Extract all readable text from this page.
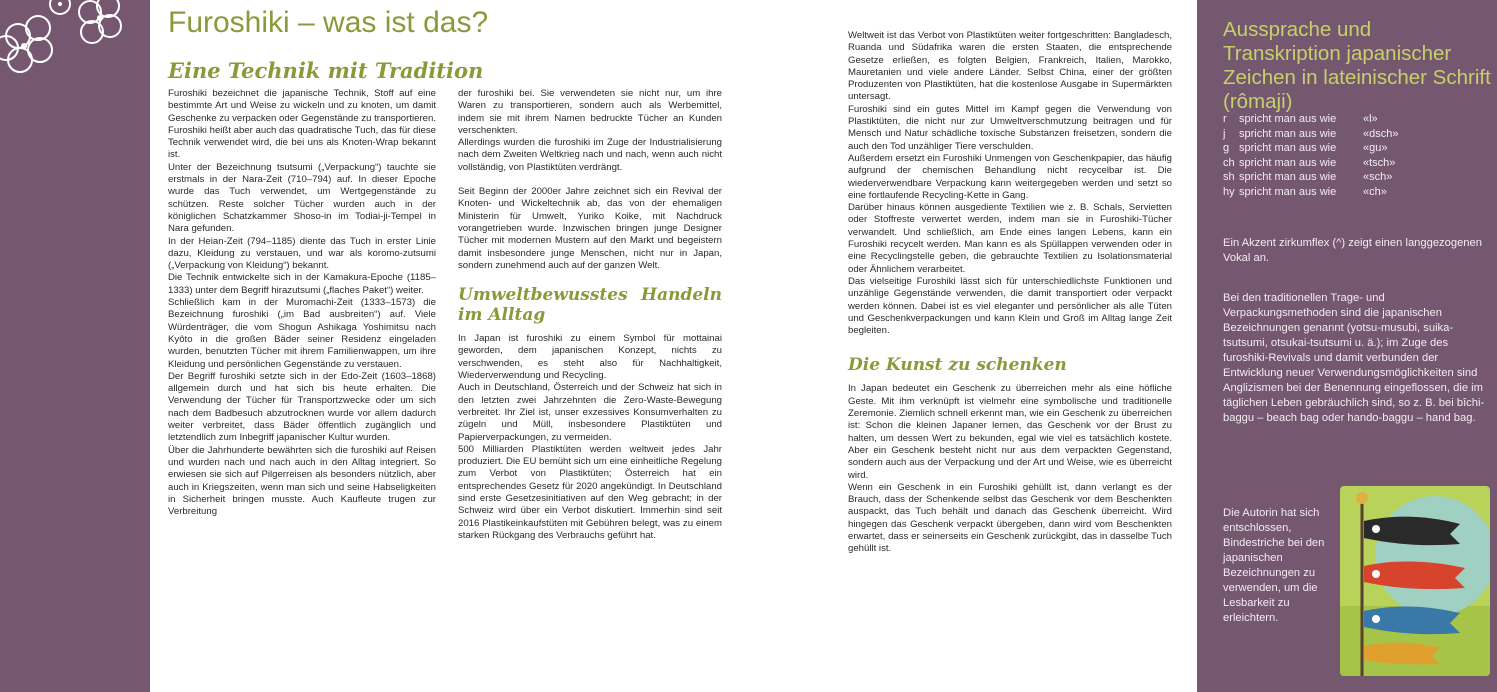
Furoshiki – was ist das?
Eine Technik mit Tradition

Furoshiki bezeichnet die japanische Technik, Stoff auf eine bestimmte Art und Weise zu wickeln und zu knoten, um damit Geschenke zu verpacken oder Gegenstände zu transportieren. Furoshiki heißt aber auch das quadratische Tuch, das für diese Technik verwendet wird, die bei uns als Knoten-Wrap bekannt ist.

Unter der Bezeichnung tsutsumi („Verpackung“) tauchte sie erstmals in der Nara-Zeit (710–794) auf. In dieser Epoche wurde das Tuch verwendet, um Wertgegenstände zu schützen. Reste solcher Tücher wurden auch in der königlichen Schatzkammer Shoso-in im Todiai-ji-Tempel in Nara gefunden.

In der Heian-Zeit (794–1185) diente das Tuch in erster Linie dazu, Kleidung zu verstauen, und war als koromo-zutsumi („Verpackung von Kleidung“) bekannt.

Die Technik entwickelte sich in der Kamakura-Epoche (1185–1333) unter dem Begriff hirazutsumi („flaches Paket“) weiter.

Schließlich kam in der Muromachi-Zeit (1333–1573) die Bezeichnung furoshiki („im Bad ausbreiten“) auf. Viele Würdenträger, die vom Shogun Ashikaga Yoshimitsu nach Kyôto in die großen Bäder seiner Residenz eingeladen wurden, benutzten Tücher mit ihrem Familienwappen, um ihre Kleidung und persönlichen Gegenstände zu verstauen.

Der Begriff furoshiki setzte sich in der Edo-Zeit (1603–1868) allgemein durch und hat sich bis heute erhalten. Die Verwendung der Tücher für Transportzwecke oder um sich nach dem Badbesuch abzutrocknen wurde vor allem dadurch weiter verbreitet, dass Bäder öffentlich zugänglich und letztendlich zum Inbegriff japanischer Kultur wurden.

Über die Jahrhunderte bewährten sich die furoshiki auf Reisen und wurden nach und nach auch in den Alltag integriert. So erwiesen sie sich auf Pilgerreisen als besonders nützlich, aber auch in Kriegszeiten, wenn man sich und seine Habseligkeiten in Sicherheit bringen musste. Auch Kaufleute trugen zur Verbreitung

der furoshiki bei. Sie verwendeten sie nicht nur, um ihre Waren zu transportieren, sondern auch als Werbemittel, indem sie mit ihrem Namen bedruckte Tücher an Kunden verschenkten.

Allerdings wurden die furoshiki im Zuge der Industrialisierung nach dem Zweiten Weltkrieg nach und nach, wenn auch nicht vollständig, von Plastiktüten verdrängt.

Seit Beginn der 2000er Jahre zeichnet sich ein Revival der Knoten- und Wickeltechnik ab, das von der ehemaligen Ministerin für Umwelt, Yuriko Koike, mit Nachdruck vorangetrieben wurde. Inzwischen bringen junge Designer Tücher mit modernen Mustern auf den Markt und begeistern damit insbesondere junge Menschen, nicht nur in Japan, sondern zunehmend auch auf der ganzen Welt.

Umweltbewusstes Handeln im Alltag

In Japan ist furoshiki zu einem Symbol für mottainai geworden, dem japanischen Konzept, nichts zu verschwenden, es steht also für Nachhaltigkeit, Wiederverwendung und Recycling.

Auch in Deutschland, Österreich und der Schweiz hat sich in den letzten zwei Jahrzehnten die Zero-Waste-Bewegung verbreitet. Ihr Ziel ist, unser exzessives Konsumverhalten zu zügeln und Müll, insbesondere Plastiktüten und Papierverpackungen, zu vermeiden.

500 Milliarden Plastiktüten werden weltweit jedes Jahr produziert. Die EU bemüht sich um eine einheitliche Regelung zum Verbot von Plastiktüten; Österreich hat ein entsprechendes Gesetz für 2020 angekündigt. In Deutschland sind erste Gesetzesinitiativen auf den Weg gebracht; in der Schweiz wird über ein Verbot diskutiert. Immerhin sind seit 2016 Plastikeinkaufstüten mit Gebühren belegt, was zu einem starken Rückgang des Verbrauchs geführt hat.

Weltweit ist das Verbot von Plastiktüten weiter fortgeschritten: Bangladesch, Ruanda und Südafrika waren die ersten Staaten, die entsprechende Gesetze erließen, es folgten Belgien, Frankreich, Italien, Marokko, Mauretanien und viele andere Länder. Selbst China, einer der größten Produzenten von Plastiktüten, hat die kostenlose Ausgabe in Supermärkten untersagt.

Furoshiki sind ein gutes Mittel im Kampf gegen die Verwendung von Plastiktüten, die nicht nur zur Umweltverschmutzung beitragen und für Mensch und Natur schädliche toxische Substanzen freisetzen, sondern die auch den Tod unzähliger Tiere verschulden.

Außerdem ersetzt ein Furoshiki Unmengen von Geschenkpapier, das häufig aufgrund der chemischen Behandlung nicht recycelbar ist. Die wiederverwendbare Verpackung kann weitergegeben werden und setzt so eine fortlaufende Recycling-Kette in Gang.

Darüber hinaus können ausgediente Textilien wie z. B. Schals, Servietten oder Stoffreste verwertet werden, indem man sie in Furoshiki-Tücher verwandelt. Und schließlich, am Ende eines langen Lebens, kann ein Furoshiki recycelt werden. Man kann es als Spüllappen verwenden oder in eine Recyclingstelle geben, die gebrauchte Textilien zu Isolationsmaterial oder Ähnlichem verarbeitet.

Das vielseitige Furoshiki lässt sich für unterschiedlichste Funktionen und unzählige Gegenstände verwenden, die damit transportiert oder verpackt werden können. Dabei ist es viel eleganter und persönlicher als alle Tüten und Geschenkverpackungen und kann Klein und Groß im Alltag lange Zeit begleiten.

Die Kunst zu schenken

In Japan bedeutet ein Geschenk zu überreichen mehr als eine höfliche Geste. Mit ihm verknüpft ist vielmehr eine symbolische und traditionelle Zeremonie. Ziemlich schnell erkennt man, wie ein Geschenk zu überreichen ist: Schon die kleinen Japaner lernen, das Geschenk vor der Brust zu halten, um dessen Wert zu bekunden, egal wie viel es tatsächlich kostete. Aber ein Geschenk besteht nicht nur aus dem verpackten Gegenstand, sondern auch aus der Verpackung und der Art und Weise, wie es überreicht wird.

Wenn ein Geschenk in ein Furoshiki gehüllt ist, dann verlangt es der Brauch, dass der Schenkende selbst das Geschenk vor dem Beschenkten auspackt, das Tuch behält und danach das Geschenk überreicht. Wird hingegen das Geschenk verpackt übergeben, dann wird vom Beschenkten erwartet, dass er seinerseits ein Geschenk zurückgibt, das in dasselbe Tuch gehüllt ist.

Aussprache und Transkription japanischer Zeichen in lateinischer Schrift (rômaji)
r	spricht man aus wie	«l»
j	spricht man aus wie	«dsch»
g spricht man aus wie	«gu»
ch spricht man aus wie	«tsch»
sh spricht man aus wie	«sch»
hy spricht man aus wie	«ch»

Ein Akzent zirkumflex (^) zeigt einen langgezogenen Vokal an.

Bei den traditionellen Trage- und Verpackungsmethoden sind die japanischen Bezeichnungen genannt (yotsu-musubi, suika-tsutsumi, otsukai-tsutsumi u. ä.); im Zuge des furoshiki-Revivals und damit verbunden der Entwicklung neuer Verwendungsmöglichkeiten sind Anglizismen bei der Benennung eingeflossen, die im täglichen Leben gebräuchlich sind, so z. B. bei bîchi-baggu – beach bag oder hando-baggu – hand bag.

Die Autorin hat sich entschlossen, Bindestriche bei den japanischen Bezeichnungen zu verwenden, um die Lesbarkeit zu erleichtern.
